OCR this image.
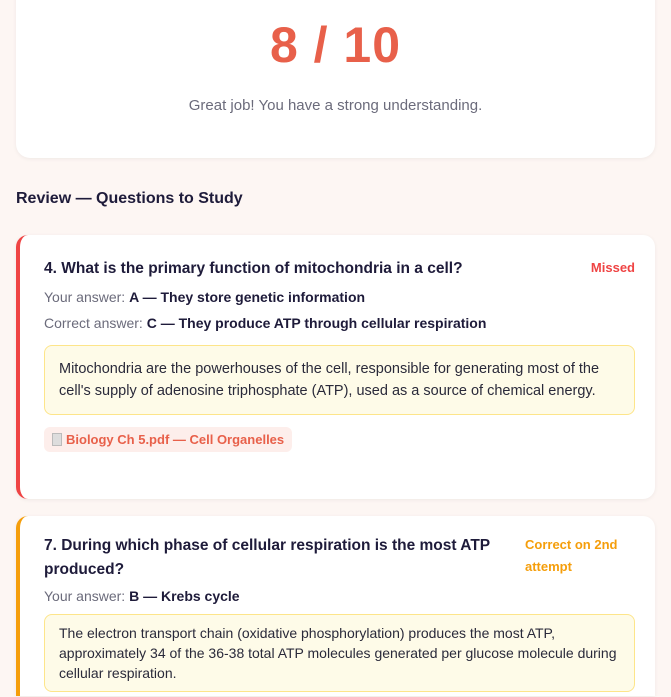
8 / 10
Great job! You have a strong understanding.
Review — Questions to Study
4. What is the primary function of mitochondria in a cell?	Missed
Your answer: A — They store genetic information
Correct answer: C — They produce ATP through cellular respiration
Mitochondria are the powerhouses of the cell, responsible for generating most of the cell's supply of adenosine triphosphate (ATP), used as a source of chemical energy.
Biology Ch 5.pdf — Cell Organelles
7. During which phase of cellular respiration is the most ATP produced?
Correct on 2nd attempt
Your answer: B — Krebs cycle
The electron transport chain (oxidative phosphorylation) produces the most ATP, approximately 34 of the 36-38 total ATP molecules generated per glucose molecule during cellular respiration.
